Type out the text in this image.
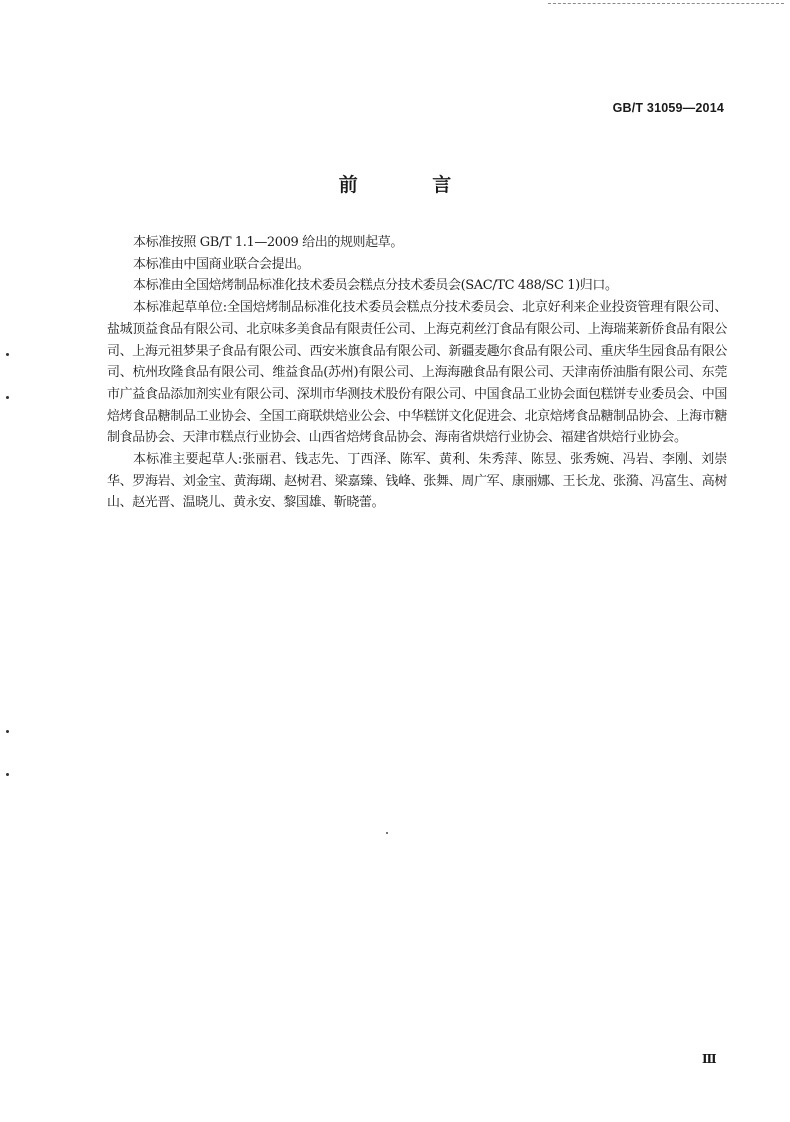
GB/T 31059—2014
前 言

本标准按照 GB/T 1.1—2009 给出的规则起草。

本标准由中国商业联合会提出。

本标准由全国焙烤制品标准化技术委员会糕点分技术委员会(SAC/TC 488/SC 1)归口。

本标准起草单位:全国焙烤制品标准化技术委员会糕点分技术委员会、北京好利来企业投资管理有限公司、盐城顶益食品有限公司、北京味多美食品有限责任公司、上海克莉丝汀食品有限公司、上海瑞莱新侨食品有限公司、上海元祖梦果子食品有限公司、西安米旗食品有限公司、新疆麦趣尔食品有限公司、重庆华生园食品有限公司、杭州玫隆食品有限公司、维益食品(苏州)有限公司、上海海融食品有限公司、天津南侨油脂有限公司、东莞市广益食品添加剂实业有限公司、深圳市华测技术股份有限公司、中国食品工业协会面包糕饼专业委员会、中国焙烤食品糖制品工业协会、全国工商联烘焙业公会、中华糕饼文化促进会、北京焙烤食品糖制品协会、上海市糖制食品协会、天津市糕点行业协会、山西省焙烤食品协会、海南省烘焙行业协会、福建省烘焙行业协会。

本标准主要起草人:张丽君、钱志先、丁西泽、陈军、黄利、朱秀萍、陈昱、张秀婉、冯岩、李刚、刘崇华、罗海岩、刘金宝、黄海瑚、赵树君、梁嘉臻、钱峰、张舞、周广军、康丽娜、王长龙、张漪、冯富生、高树山、赵光晋、温晓儿、黄永安、黎国雄、靳晓蕾。

Ⅲ
